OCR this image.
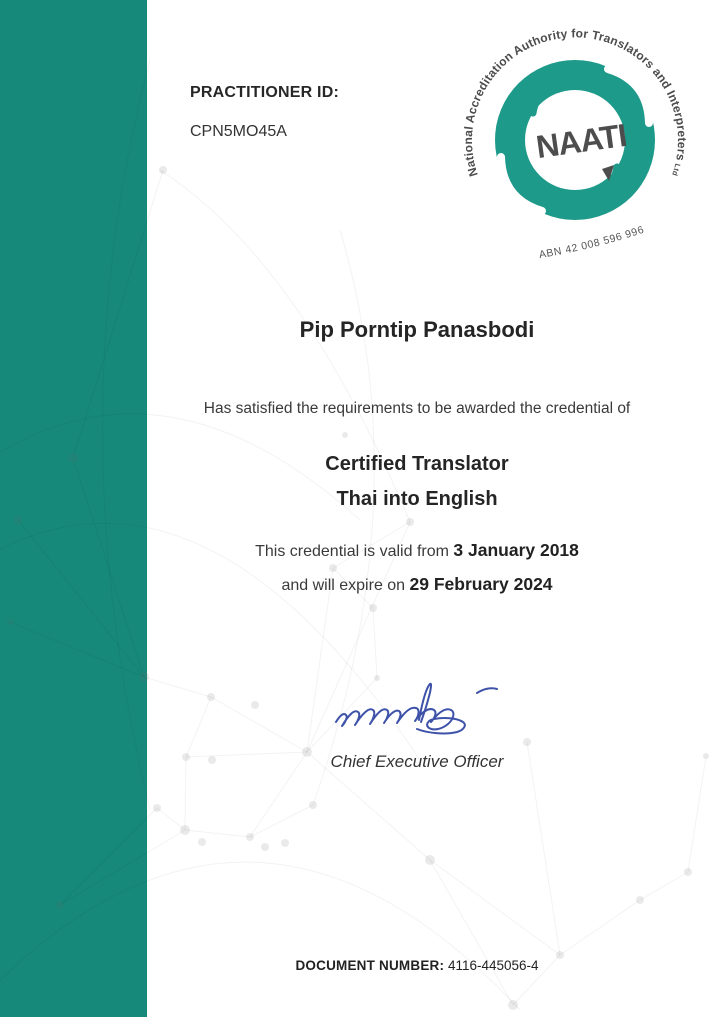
PRACTITIONER ID:
CPN5MO45A
National Accreditation Authority for Translators and Interpreters Ltd
NAATI
ABN 42 008 596 996
Pip Porntip Panasbodi
Has satisfied the requirements to be awarded the credential of
Certified Translator
Thai into English
This credential is valid from 3 January 2018
and will expire on 29 February 2024
Chief Executive Officer
DOCUMENT NUMBER: 4116-445056-4
